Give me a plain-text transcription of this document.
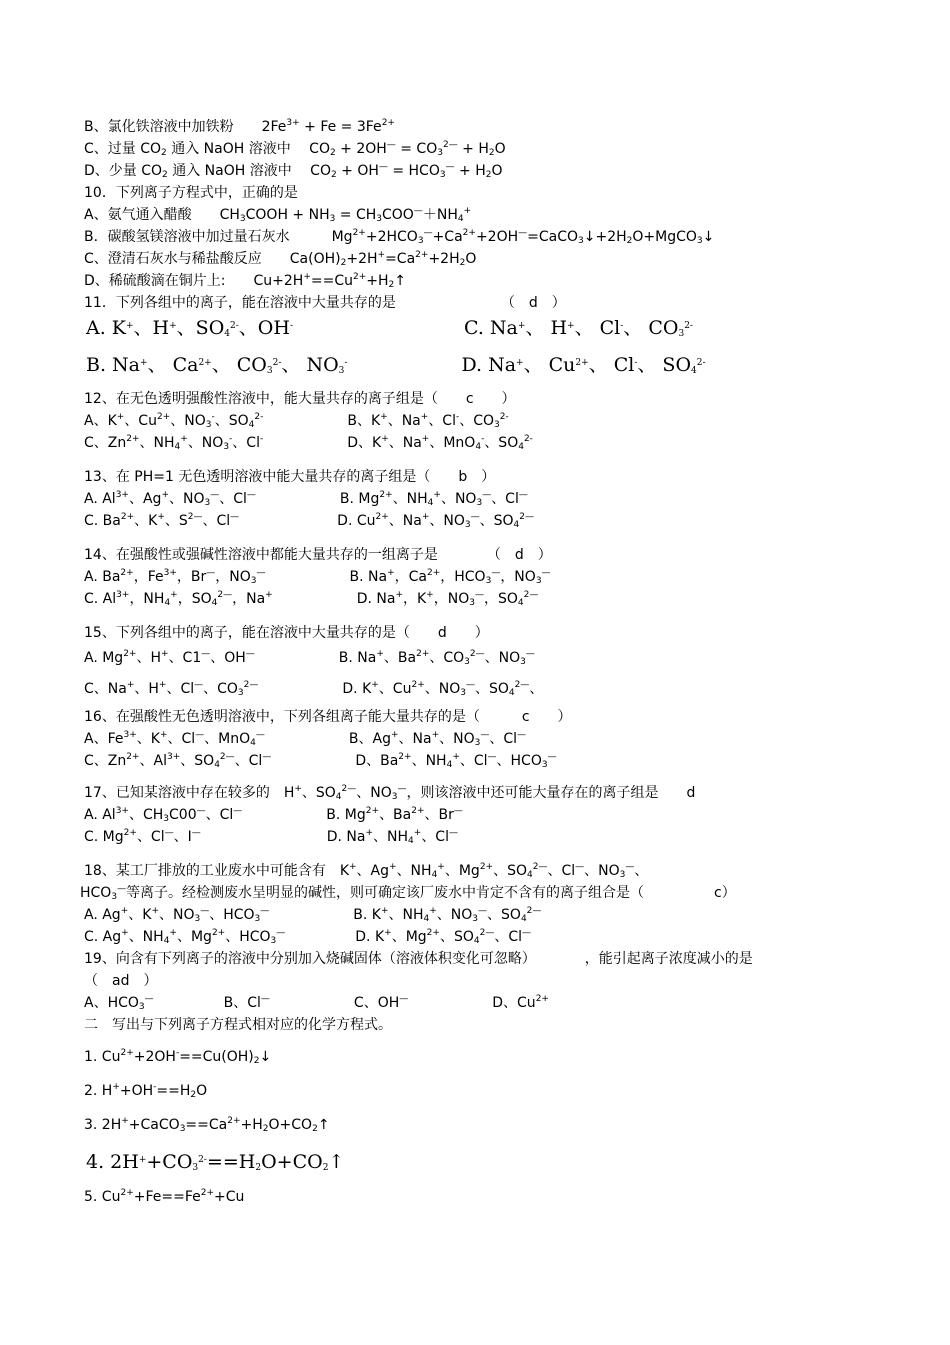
B、氯化铁溶液中加铁粉　　$2Fe^{3+} + Fe = 3Fe^{2+}$
C、过量 $CO_2$ 通入 NaOH 溶液中　 $CO_2 + 2OH^— = CO_3^{2—} + H_2O$
D、少量 $CO_2$ 通入 NaOH 溶液中　 $CO_2 + OH^— = HCO_3^— + H_2O$
10．下列离子方程式中，正确的是
A、氨气通入醋酸　　$CH_3COOH + NH_3 = CH_3COO^—+NH_4^+$
B．碳酸氢镁溶液中加过量石灰水　　　$Mg^{2+}+2HCO_3^—+Ca^{2+}+2OH^—=CaCO_3↓+2H_2O+MgCO_3↓$
C、澄清石灰水与稀盐酸反应　　$Ca(OH)_2+2H^+=Ca^{2+}+2H_2O$
D、稀硫酸滴在铜片上:　　$Cu+2H^+==Cu^{2+}+H_2↑$
11．下列各组中的离子，能在溶液中大量共存的是　　　　　　　　（　d　）
A. K+、H+、$SO_4^{2-}$、OH-　　　　　　　　　C. Na+、 H+、 Cl-、 $CO_3^{2-}$
B. Na+、 $Ca^{2+}$、 $CO_3^{2-}$、 $NO_3^-$　　　　　　D. Na+、 $Cu^{2+}$、 Cl-、 $SO_4^{2-}$
12、在无色透明强酸性溶液中，能大量共存的离子组是（　　c　　）
A、K+、$Cu^{2+}$、$NO_3^-$、$SO_4^{2-}$　　　　　　B、K+、Na+、Cl-、$CO_3^{2-}$
C、$Zn^{2+}$、$NH_4^+$、$NO_3^-$、Cl-　　　　　　D、K+、Na+、MnO$_4$-、$SO_4^{2-}$
13、在 PH=1 无色透明溶液中能大量共存的离子组是（　　b　）
A. $Al^{3+}$、Ag+、$NO_3^—$、Cl—　　　　　　B. $Mg^{2+}$、$NH_4^+$、$NO_3^—$、Cl—
C. $Ba^{2+}$、K+、$S^{2—}$、Cl—　　　　　　　D. $Cu^{2+}$、Na+、$NO_3^—$、$SO_4^{2—}$
14、在强酸性或强碱性溶液中都能大量共存的一组离子是　　　　（　d　）
A. $Ba^{2+}$，$Fe^{3+}$，Br—，$NO_3^—$　　　　　　B. Na+，$Ca^{2+}$，$HCO_3^—$，$NO_3^—$
C. $Al^{3+}$，$NH_4^+$，$SO_4^{2—}$，Na+　　　　　　D. Na+，K+，$NO_3^—$，$SO_4^{2—}$
15、下列各组中的离子，能在溶液中大量共存的是（　　d　　）
A. $Mg^{2+}$、H+、C1—、OH—　　　　　　B. Na+、$Ba^{2+}$、$CO_3^{2—}$、$NO_3^—$
C、Na+、H+、Cl—、$CO_3^{2—}$　　　　　　D. K+、$Cu^{2+}$、$NO_3^—$、$SO_4^{2—}$、
16、在强酸性无色透明溶液中，下列各组离子能大量共存的是（　　　c　　）
A、$Fe^{3+}$、K+、Cl—、MnO$_4$—　　　　　　B、Ag+、Na+、$NO_3^—$、Cl—
C、$Zn^{2+}$、$Al^{3+}$、$SO_4^{2—}$、Cl—　　　　　　D、$Ba^{2+}$、$NH_4^+$、Cl—、$HCO_3^—$
17、已知某溶液中存在较多的　H+、$SO_4^{2—}$、$NO_3^—$，则该溶液中还可能大量存在的离子组是　　d
A. $Al^{3+}$、$CH_3C00^—$、Cl—　　　　　　B. $Mg^{2+}$、$Ba^{2+}$、Br—
C. $Mg^{2+}$、Cl—、I—　　　　　　　　　D. Na+、$NH_4^+$、Cl—
18、某工厂排放的工业废水中可能含有　K+、Ag+、$NH_4^+$、$Mg^{2+}$、$SO_4^{2—}$、Cl—、$NO_3^—$、
$HCO_3^—$等离子。经检测废水呈明显的碱性，则可确定该厂废水中肯定不含有的离子组合是（　　　　　c）
A. Ag+、K+、$NO_3^—$、$HCO_3^—$　　　　　　B. K+、$NH_4^+$、$NO_3^—$、$SO_4^{2—}$
C. Ag+、$NH_4^+$、$Mg^{2+}$、$HCO_3^—$　　　　　D. K+、$Mg^{2+}$、$SO_4^{2—}$、Cl—
19、向含有下列离子的溶液中分别加入烧碱固体（溶液体积变化可忽略）　　　　，能引起离子浓度减小的是
（　ad　）
A、$HCO_3^—$　　　　　B、Cl—　　　　　　C、OH—　　　　　　D、$Cu^{2+}$
二　写出与下列离子方程式相对应的化学方程式。
1. $Cu^{2+}+2OH^-==Cu(OH)_2↓$
2. $H^++OH^-==H_2O$
3. $2H^++CaCO_3==Ca^{2+}+H_2O+CO_2↑$
4. $2H^++CO_3^{2-}==H_2O+CO_2↑$
5. $Cu^{2+}+Fe==Fe^{2+}+Cu$
